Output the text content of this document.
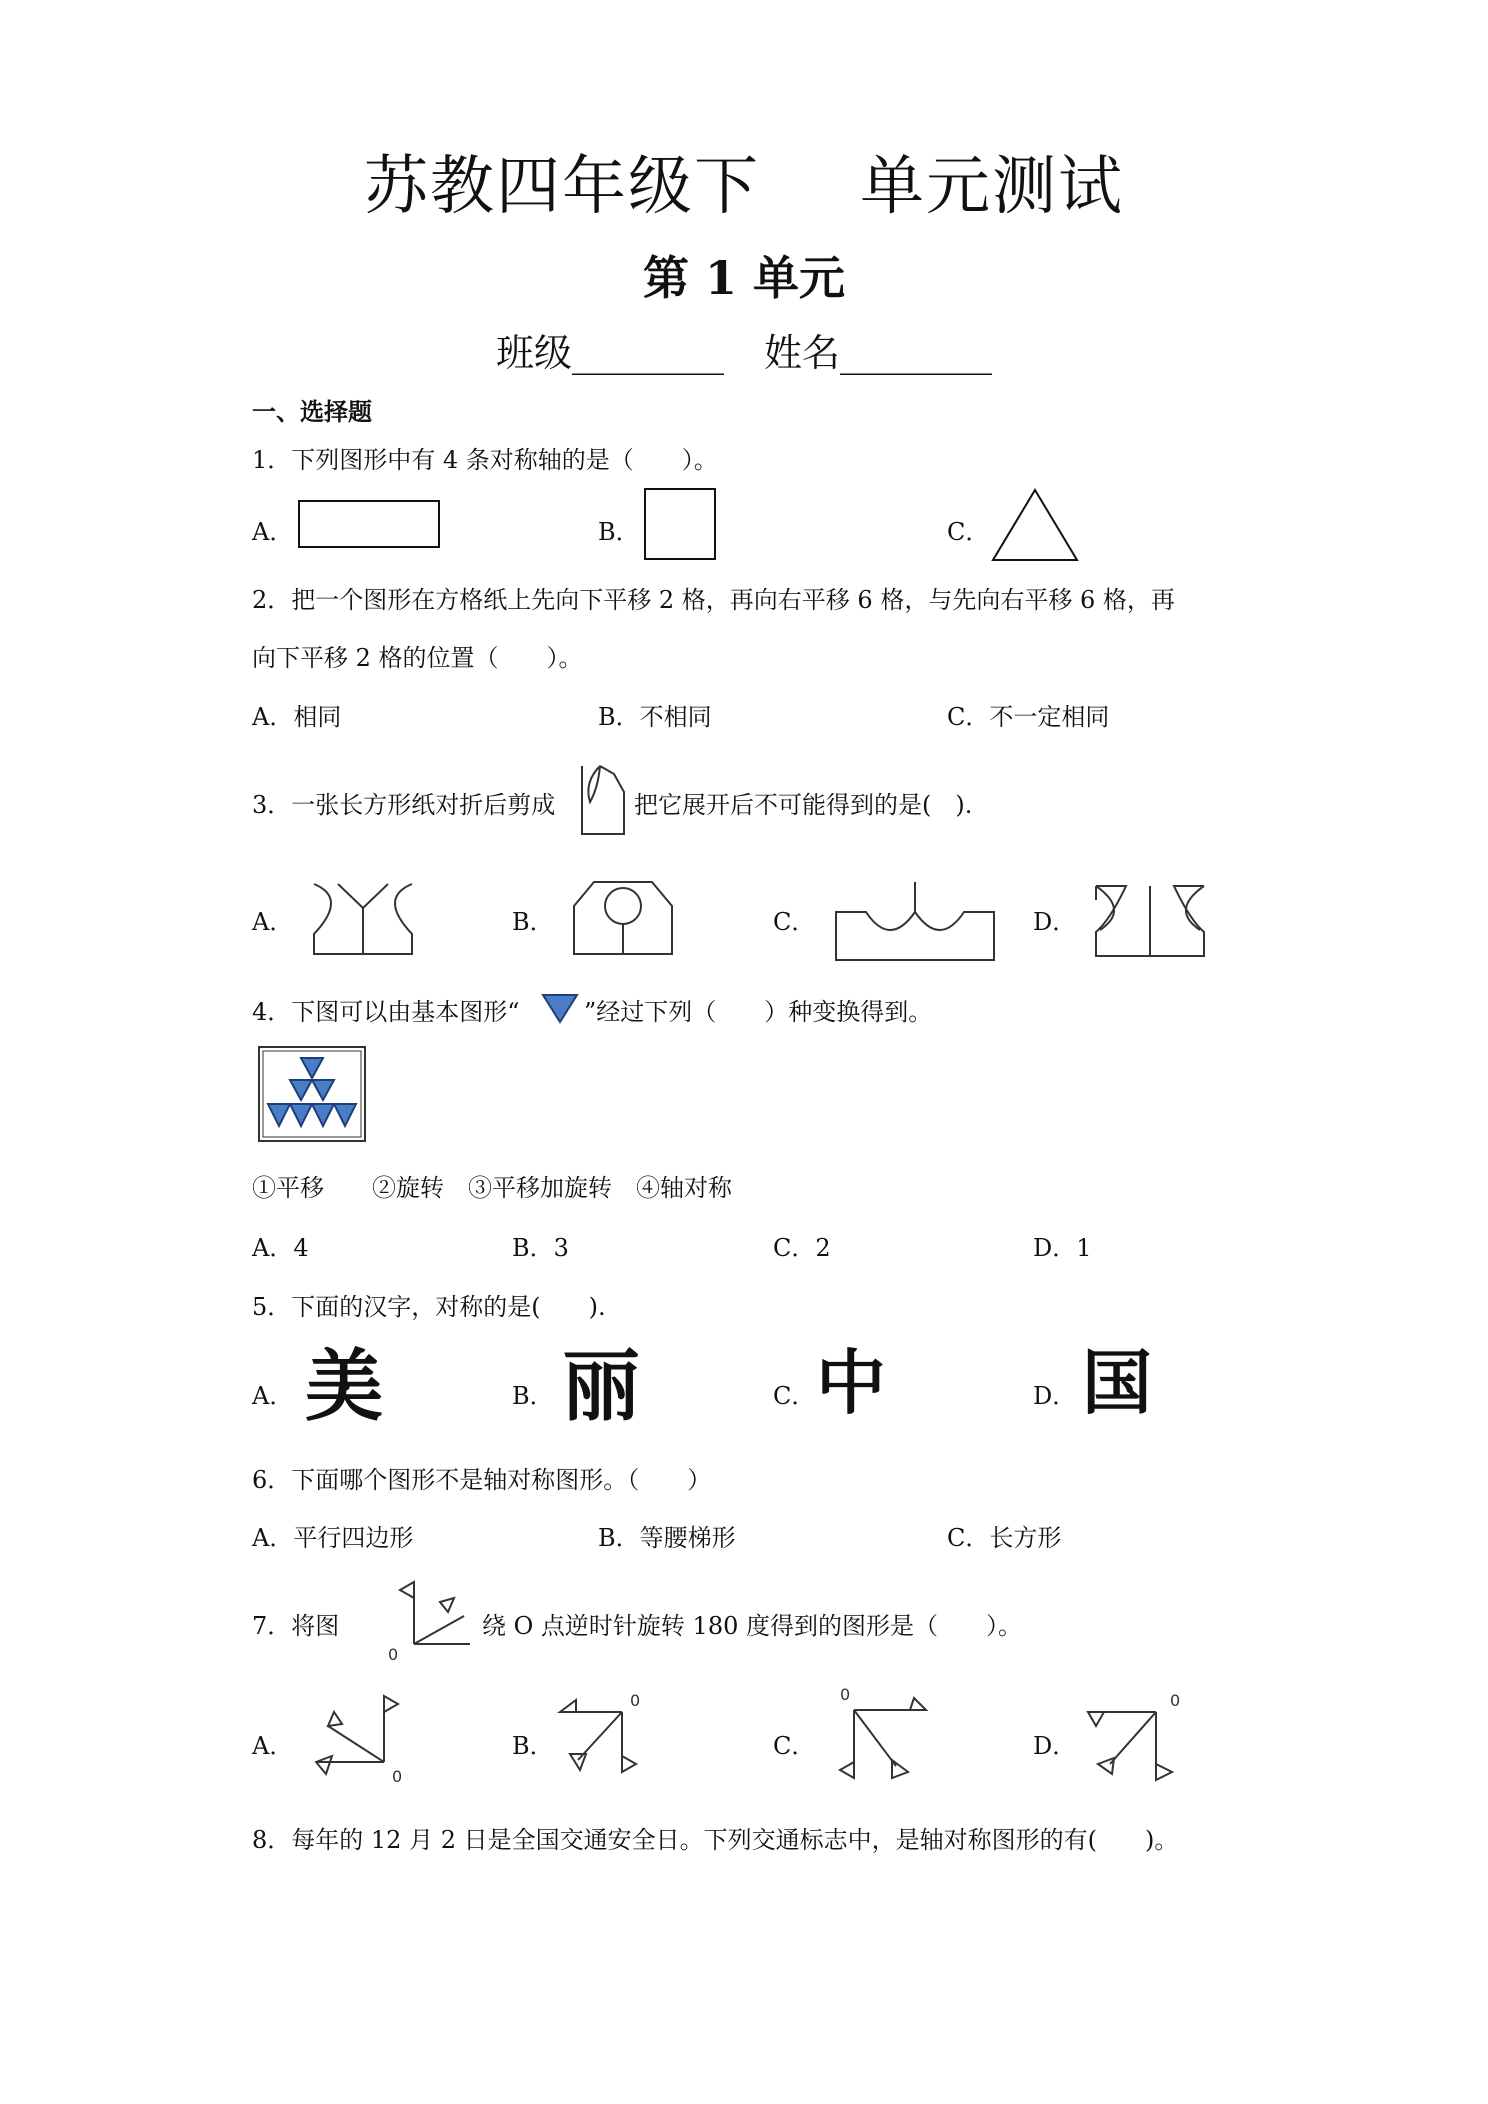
苏教四年级下 单元测试
第 1 单元
班级________ 姓名________
一、选择题
1．下列图形中有 4 条对称轴的是（　　）。
A．	B．	C．
2．把一个图形在方格纸上先向下平移 2 格，再向右平移 6 格，与先向右平移 6 格，再
向下平移 2 格的位置（　　）。
A．相同	B．不相同	C．不一定相同
3．一张长方形纸对折后剪成	把它展开后不可能得到的是(　).
A．	B．	C．	D．
4．下图可以由基本图形“	”经过下列（　　）种变换得到。
①平移　　②旋转　③平移加旋转　④轴对称
A．4	B．3	C．2	D．1
5．下面的汉字，对称的是(　　).
A． 美	B． 丽	C． 中	D． 国
6．下面哪个图形不是轴对称图形。（　　）
A．平行四边形	B．等腰梯形	C．长方形
7．将图
0
绕 O 点逆时针旋转 180 度得到的图形是（　　）。
A．
0
B．
0
C．
0
D．
0
8．每年的 12 月 2 日是全国交通安全日。下列交通标志中，是轴对称图形的有(　　)。
